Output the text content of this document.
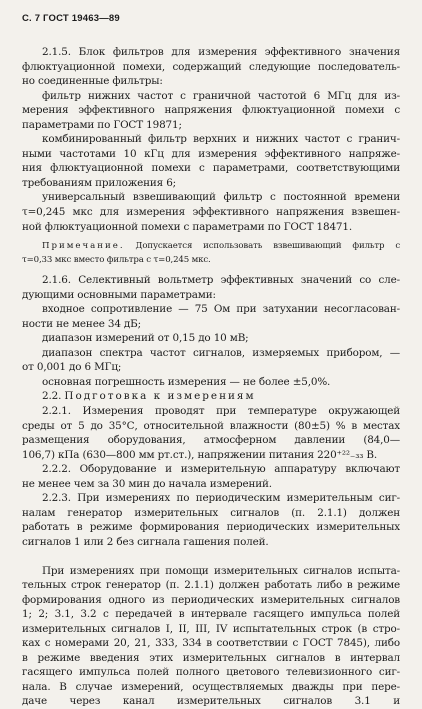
С. 7 ГОСТ 19463—89

2.1.5. Блок фильтров для измерения эффективного значения

флюктуационной помехи, содержащий следующие последователь-

но соединенные фильтры:

фильтр нижних частот с граничной частотой 6 МГц для из-

мерения эффективного напряжения флюктуационной помехи с

параметрами по ГОСТ 19871;

комбинированный фильтр верхних и нижних частот с гранич-

ными частотами 10 кГц для измерения эффективного напряже-

ния флюктуационной помехи с параметрами, соответствующими

требованиям приложения 6;

универсальный взвешивающий фильтр с постоянной времени

τ=0,245 мкс для измерения эффективного напряжения взвешен-

ной флюктуационной помехи с параметрами по ГОСТ 18471.

Примечание. Допускается использовать взвешивающий фильтр с

τ=0,33 мкс вместо фильтра с τ=0,245 мкс.

2.1.6. Селективный вольтметр эффективных значений со сле-

дующими основными параметрами:

входное сопротивление — 75 Ом при затухании несогласован-

ности не менее 34 дБ;

диапазон измерений от 0,15 до 10 мВ;

диапазон спектра частот сигналов, измеряемых прибором, —

от 0,001 до 6 МГц;

основная погрешность измерения — не более ±5,0%.

2.2. Подготовка к измерениям

2.2.1. Измерения проводят при температуре окружающей

среды от 5 до 35°С, относительной влажности (80±5) % в местах

размещения оборудования, атмосферном давлении (84,0—

106,7) кПа (630—800 мм рт.ст.), напряжении питания 220⁺²²₋₃₃ В.

2.2.2. Оборудование и измерительную аппаратуру включают

не менее чем за 30 мин до начала измерений.

2.2.3. При измерениях по периодическим измерительным сиг-

налам генератор измерительных сигналов (п. 2.1.1) должен

работать в режиме формирования периодических измерительных

сигналов 1 или 2 без сигнала гашения полей.

При измерениях при помощи измерительных сигналов испыта-

тельных строк генератор (п. 2.1.1) должен работать либо в режиме

формирования одного из периодических измерительных сигналов

1; 2; 3.1, 3.2 с передачей в интервале гасящего импульса полей

измерительных сигналов I, II, III, IV испытательных строк (в стро-

ках с номерами 20, 21, 333, 334 в соответствии с ГОСТ 7845), либо

в режиме введения этих измерительных сигналов в интервал

гасящего импульса полей полного цветового телевизионного сиг-

нала. В случае измерений, осуществляемых дважды при пере-

даче через канал измерительных сигналов 3.1 и
